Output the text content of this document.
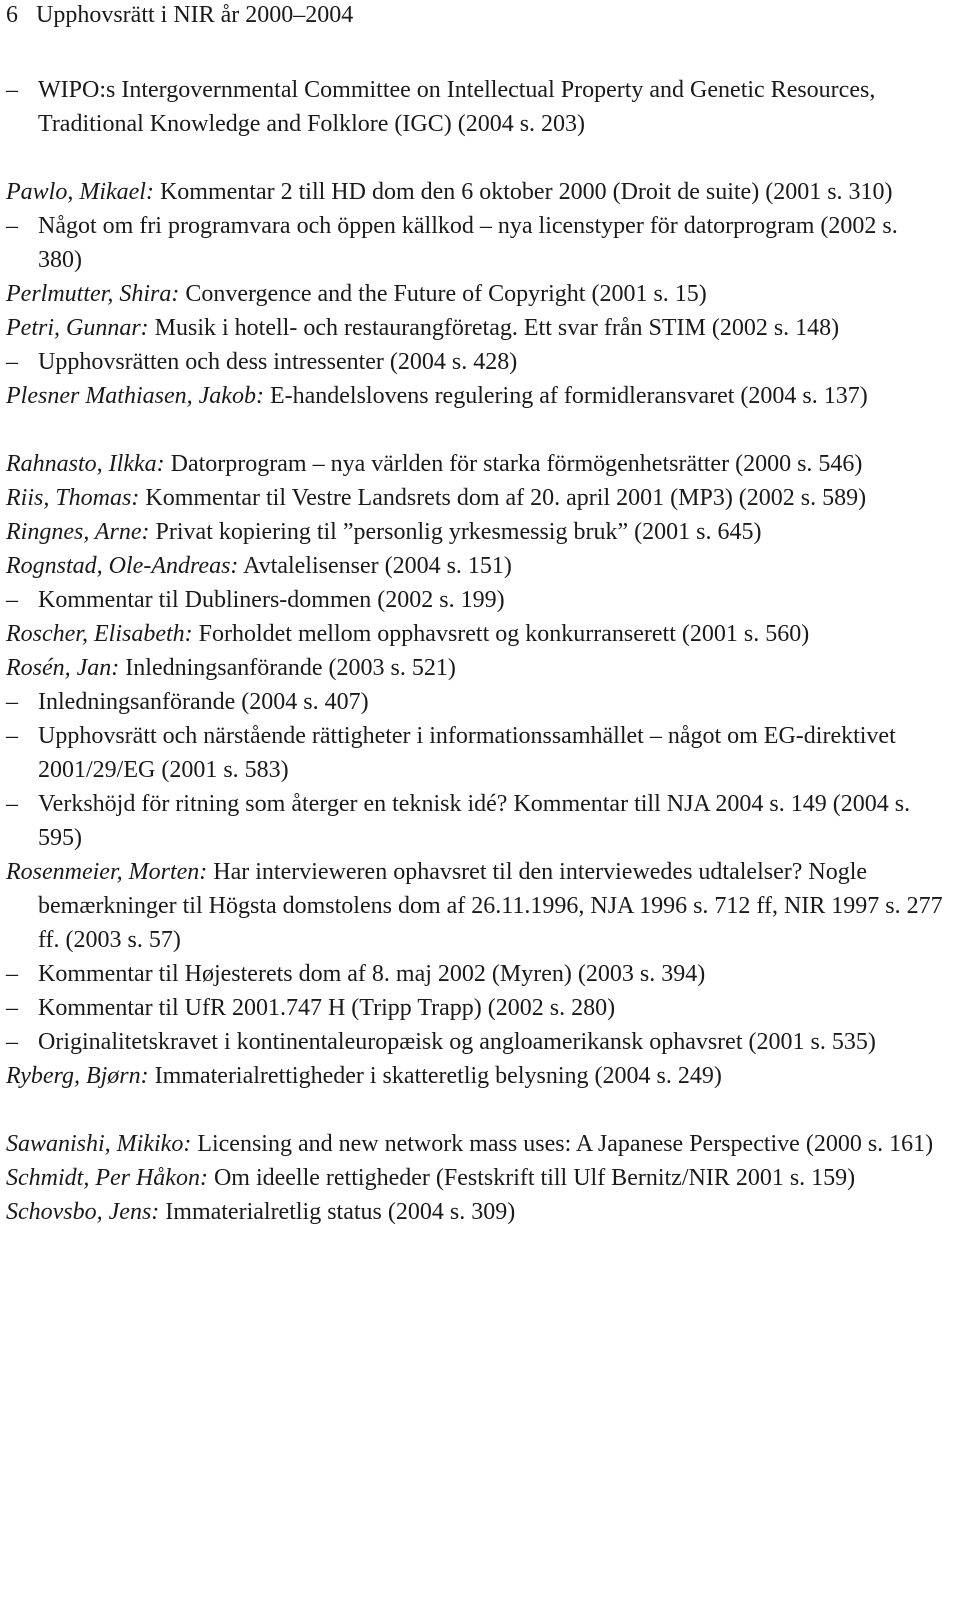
6 Upphovsrätt i NIR år 2000–2004
– WIPO:s Intergovernmental Committee on Intellectual Property and Genetic Resources, Traditional Knowledge and Folklore (IGC) (2004 s. 203)
Pawlo, Mikael: Kommentar 2 till HD dom den 6 oktober 2000 (Droit de suite) (2001 s. 310)
– Något om fri programvara och öppen källkod – nya licenstyper för datorprogram (2002 s. 380)
Perlmutter, Shira: Convergence and the Future of Copyright (2001 s. 15)
Petri, Gunnar: Musik i hotell- och restaurangföretag. Ett svar från STIM (2002 s. 148)
– Upphovsrätten och dess intressenter (2004 s. 428)
Plesner Mathiasen, Jakob: E-handelslovens regulering af formidleransvaret (2004 s. 137)
Rahnasto, Ilkka: Datorprogram – nya världen för starka förmögenhetsrätter (2000 s. 546)
Riis, Thomas: Kommentar til Vestre Landsrets dom af 20. april 2001 (MP3) (2002 s. 589)
Ringnes, Arne: Privat kopiering til ”personlig yrkesmessig bruk” (2001 s. 645)
Rognstad, Ole-Andreas: Avtalelisenser (2004 s. 151)
– Kommentar til Dubliners-dommen (2002 s. 199)
Roscher, Elisabeth: Forholdet mellom opphavsrett og konkurranserett (2001 s. 560)
Rosén, Jan: Inledningsanförande (2003 s. 521)
– Inledningsanförande (2004 s. 407)
– Upphovsrätt och närstående rättigheter i informationssamhället – något om EG-direktivet 2001/29/EG (2001 s. 583)
– Verkshöjd för ritning som återger en teknisk idé? Kommentar till NJA 2004 s. 149 (2004 s. 595)
Rosenmeier, Morten: Har intervieweren ophavsret til den interviewedes udtalelser? Nogle bemærkninger til Högsta domstolens dom af 26.11.1996, NJA 1996 s. 712 ff, NIR 1997 s. 277 ff. (2003 s. 57)
– Kommentar til Højesterets dom af 8. maj 2002 (Myren) (2003 s. 394)
– Kommentar til UfR 2001.747 H (Tripp Trapp) (2002 s. 280)
– Originalitetskravet i kontinentaleuropæisk og angloamerikansk ophavsret (2001 s. 535)
Ryberg, Bjørn: Immaterialrettigheder i skatteretlig belysning (2004 s. 249)
Sawanishi, Mikiko: Licensing and new network mass uses: A Japanese Perspective (2000 s. 161)
Schmidt, Per Håkon: Om ideelle rettigheder (Festskrift till Ulf Bernitz/NIR 2001 s. 159)
Schovsbo, Jens: Immaterialretlig status (2004 s. 309)
